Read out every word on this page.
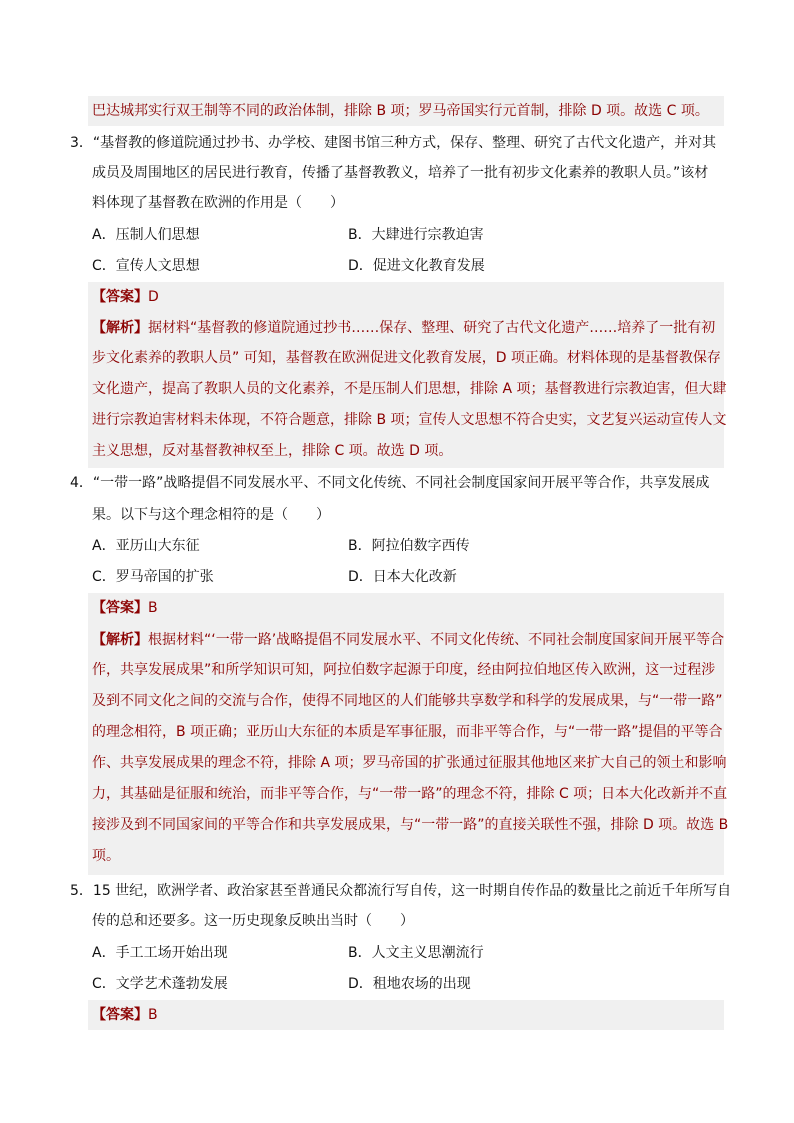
巴达城邦实行双王制等不同的政治体制，排除 B 项；罗马帝国实行元首制，排除 D 项。故选 C 项。
3．“基督教的修道院通过抄书、办学校、建图书馆三种方式，保存、整理、研究了古代文化遗产，并对其
成员及周围地区的居民进行教育，传播了基督教教义，培养了一批有初步文化素养的教职人员。”该材
料体现了基督教在欧洲的作用是（　　）
A．压制人们思想	B．大肆进行宗教迫害
C．宣传人文思想	D．促进文化教育发展
【答案】D
【解析】据材料“基督教的修道院通过抄书……保存、整理、研究了古代文化遗产……培养了一批有初
步文化素养的教职人员” 可知，基督教在欧洲促进文化教育发展，D 项正确。材料体现的是基督教保存
文化遗产，提高了教职人员的文化素养，不是压制人们思想，排除 A 项；基督教进行宗教迫害，但大肆
进行宗教迫害材料未体现，不符合题意，排除 B 项；宣传人文思想不符合史实，文艺复兴运动宣传人文
主义思想，反对基督教神权至上，排除 C 项。故选 D 项。
4．“一带一路”战略提倡不同发展水平、不同文化传统、不同社会制度国家间开展平等合作，共享发展成
果。以下与这个理念相符的是（　　）
A．亚历山大东征	B．阿拉伯数字西传
C．罗马帝国的扩张	D．日本大化改新
【答案】B
【解析】根据材料“‘一带一路’战略提倡不同发展水平、不同文化传统、不同社会制度国家间开展平等合
作，共享发展成果”和所学知识可知，阿拉伯数字起源于印度，经由阿拉伯地区传入欧洲，这一过程涉
及到不同文化之间的交流与合作，使得不同地区的人们能够共享数学和科学的发展成果，与“一带一路”
的理念相符，B 项正确；亚历山大东征的本质是军事征服，而非平等合作，与“一带一路”提倡的平等合
作、共享发展成果的理念不符，排除 A 项；罗马帝国的扩张通过征服其他地区来扩大自己的领土和影响
力，其基础是征服和统治，而非平等合作，与“一带一路”的理念不符，排除 C 项；日本大化改新并不直
接涉及到不同国家间的平等合作和共享发展成果，与“一带一路”的直接关联性不强，排除 D 项。故选 B
项。
5．15 世纪，欧洲学者、政治家甚至普通民众都流行写自传，这一时期自传作品的数量比之前近千年所写自
传的总和还要多。这一历史现象反映出当时（　　）
A．手工工场开始出现	B．人文主义思潮流行
C．文学艺术蓬勃发展	D．租地农场的出现
【答案】B
